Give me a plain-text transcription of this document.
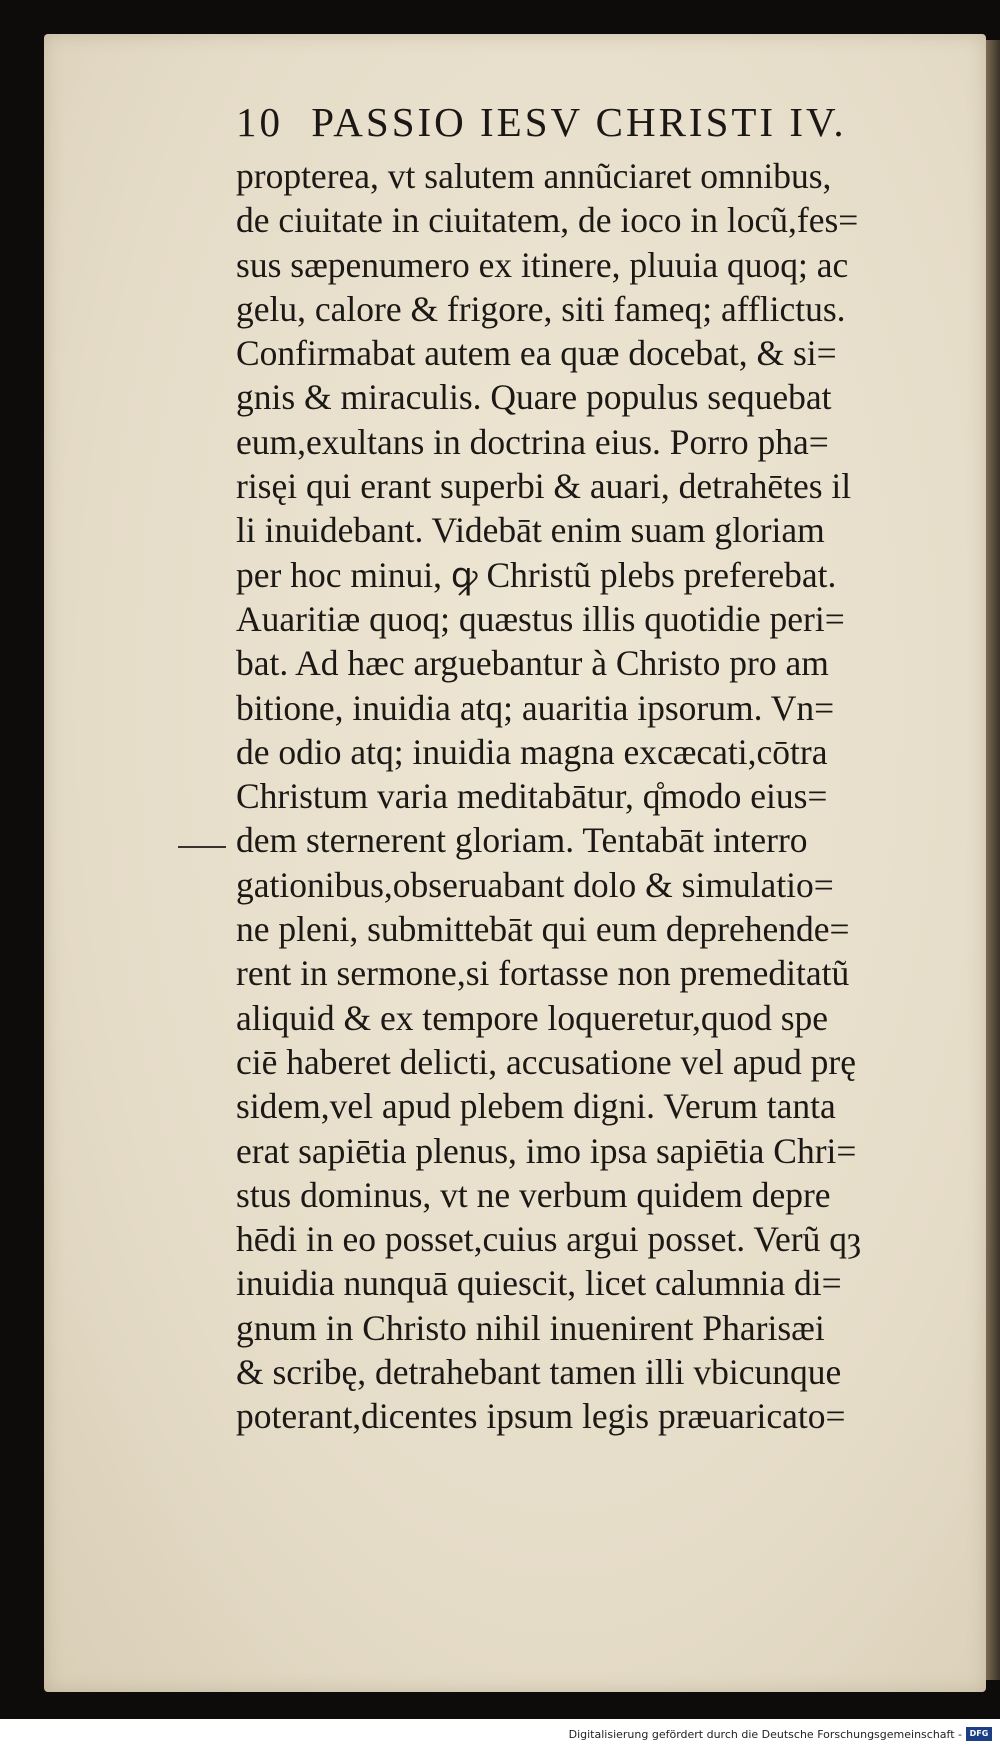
10 PASSIO IESV CHRISTI IV.
propterea, vt salutem annũciaret omnibus,
de ciuitate in ciuitatem, de ioco in locũ,fes=
sus sæpenumero ex itinere, pluuia quoq; ac
gelu, calore & frigore, siti fameq; afflictus.
Confirmabat autem ea quæ docebat, & si=
gnis & miraculis. Quare populus sequebat
eum,exultans in doctrina eius. Porro pha=
risęi qui erant superbi & auari, detrahētes il
li inuidebant. Videbāt enim suam gloriam
per hoc minui, ꝙ Christũ plebs preferebat.
Auaritiæ quoq; quæstus illis quotidie peri=
bat. Ad hæc arguebantur à Christo pro am
bitione, inuidia atq; auaritia ipsorum. Vn=
de odio atq; inuidia magna excæcati,cōtra
Christum varia meditabātur, q̊modo eius=
dem sternerent gloriam. Tentabāt interro
gationibus,obseruabant dolo & simulatio=
ne pleni, submittebāt qui eum deprehende=
rent in sermone,si fortasse non premeditatũ
aliquid & ex tempore loqueretur,quod spe
ciē haberet delicti, accusatione vel apud prę
sidem,vel apud plebem digni. Verum tanta
erat sapiētia plenus, imo ipsa sapiētia Chri=
stus dominus, vt ne verbum quidem depre
hēdi in eo posset,cuius argui posset. Verũ qȝ
inuidia nunquā quiescit, licet calumnia di=
gnum in Christo nihil inuenirent Pharisæi
& scribę, detrahebant tamen illi vbicunque
poterant,dicentes ipsum legis præuaricato=
Digitalisierung gefördert durch die Deutsche Forschungsgemeinschaft - DFG
